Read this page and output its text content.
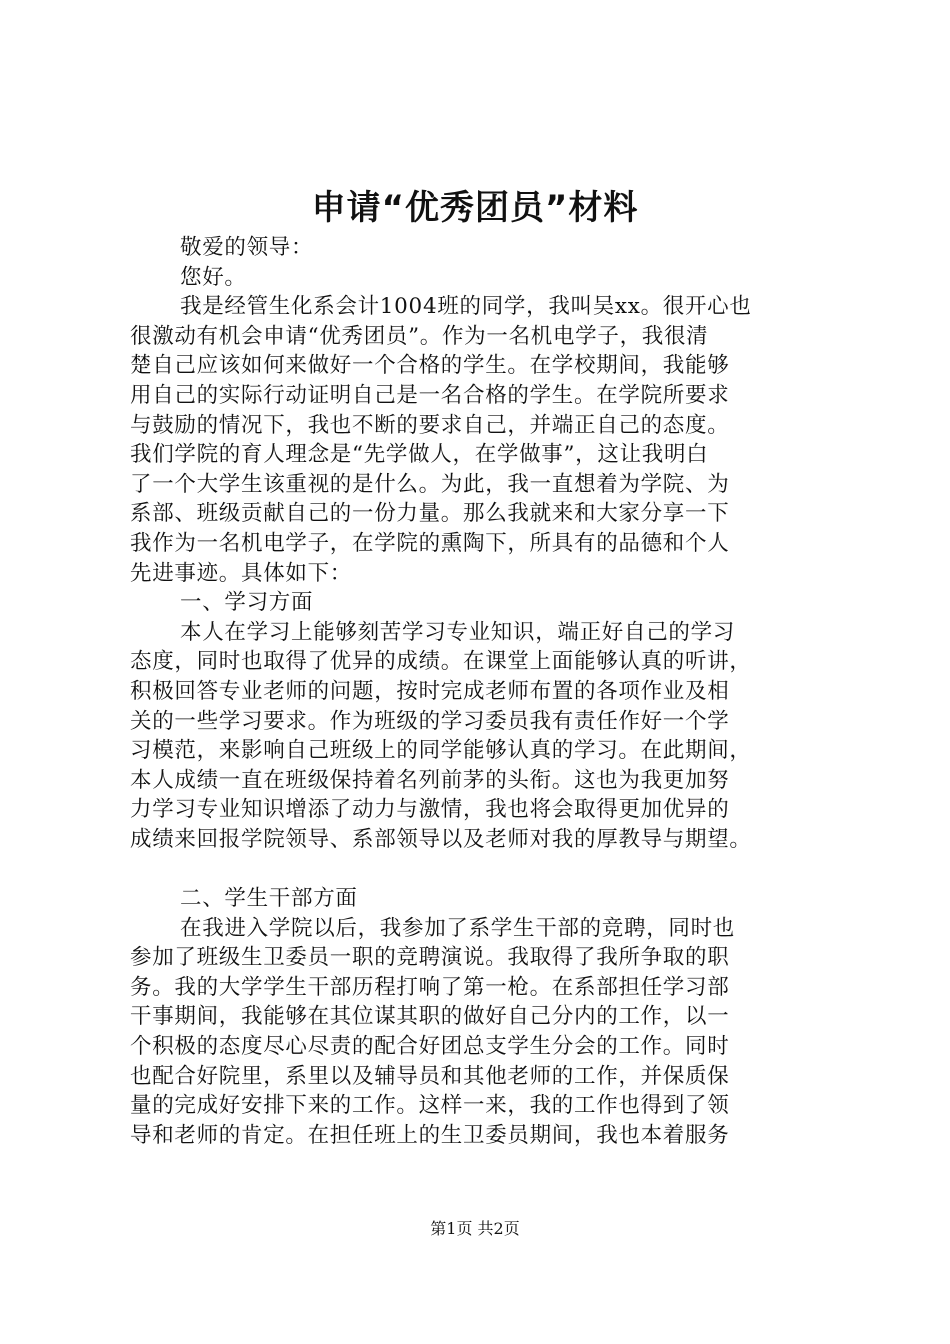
申请“优秀团员”材料
敬爱的领导：
您好。
我是经管生化系会计1004班的同学，我叫吴xx。很开心也
很激动有机会申请“优秀团员”。作为一名机电学子，我很清
楚自己应该如何来做好一个合格的学生。在学校期间，我能够
用自己的实际行动证明自己是一名合格的学生。在学院所要求
与鼓励的情况下，我也不断的要求自己，并端正自己的态度。
我们学院的育人理念是“先学做人，在学做事”，这让我明白
了一个大学生该重视的是什么。为此，我一直想着为学院、为
系部、班级贡献自己的一份力量。那么我就来和大家分享一下
我作为一名机电学子，在学院的熏陶下，所具有的品德和个人
先进事迹。具体如下：
一、学习方面
本人在学习上能够刻苦学习专业知识，端正好自己的学习
态度，同时也取得了优异的成绩。在课堂上面能够认真的听讲，
积极回答专业老师的问题，按时完成老师布置的各项作业及相
关的一些学习要求。作为班级的学习委员我有责任作好一个学
习模范，来影响自己班级上的同学能够认真的学习。在此期间，
本人成绩一直在班级保持着名列前茅的头衔。这也为我更加努
力学习专业知识增添了动力与激情，我也将会取得更加优异的
成绩来回报学院领导、系部领导以及老师对我的厚教导与期望。
二、学生干部方面
在我进入学院以后，我参加了系学生干部的竞聘，同时也
参加了班级生卫委员一职的竞聘演说。我取得了我所争取的职
务。我的大学学生干部历程打响了第一枪。在系部担任学习部
干事期间，我能够在其位谋其职的做好自己分内的工作，以一
个积极的态度尽心尽责的配合好团总支学生分会的工作。同时
也配合好院里，系里以及辅导员和其他老师的工作，并保质保
量的完成好安排下来的工作。这样一来，我的工作也得到了领
导和老师的肯定。在担任班上的生卫委员期间，我也本着服务
第1页 共2页
